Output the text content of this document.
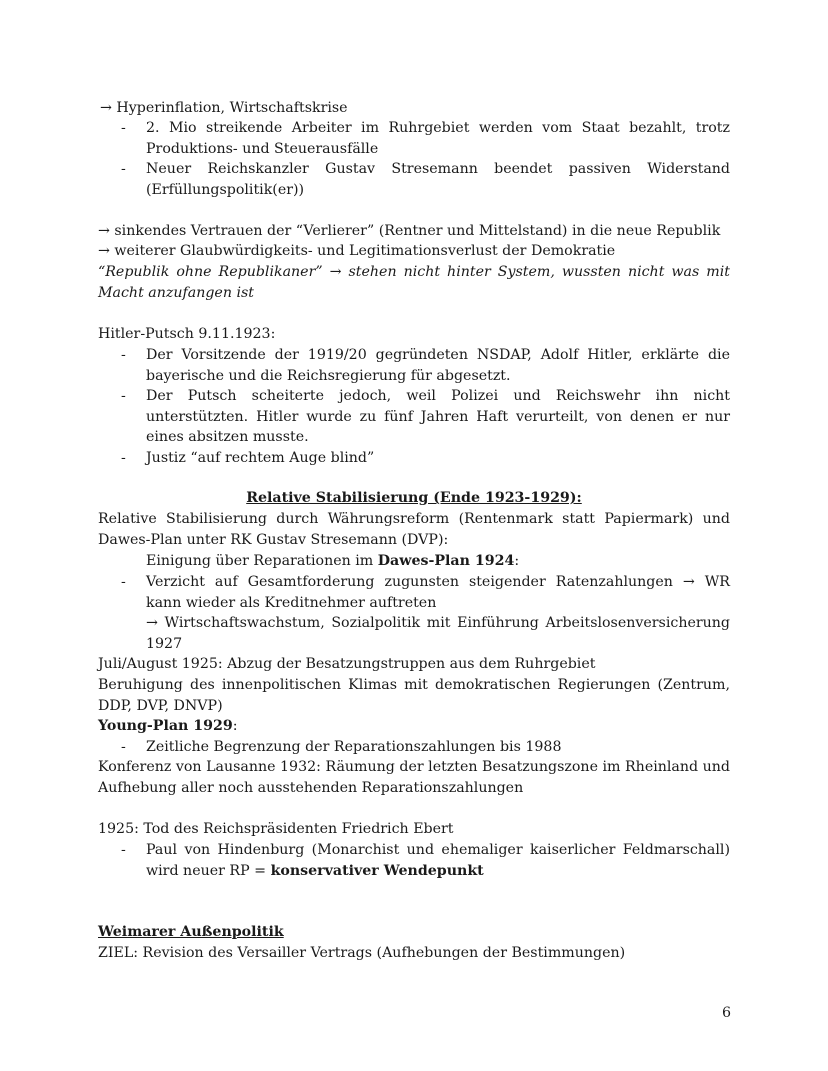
→ Hyperinflation, Wirtschaftskrise
- 2. Mio streikende Arbeiter im Ruhrgebiet werden vom Staat bezahlt, trotz Produktions- und Steuerausfälle
- Neuer Reichskanzler Gustav Stresemann beendet passiven Widerstand (Erfüllungspolitik(er))
→ sinkendes Vertrauen der “Verlierer” (Rentner und Mittelstand) in die neue Republik
→ weiterer Glaubwürdigkeits- und Legitimationsverlust der Demokratie
“Republik ohne Republikaner” → stehen nicht hinter System, wussten nicht was mit Macht anzufangen ist
Hitler-Putsch 9.11.1923:
- Der Vorsitzende der 1919/20 gegründeten NSDAP, Adolf Hitler, erklärte die bayerische und die Reichsregierung für abgesetzt.
- Der Putsch scheiterte jedoch, weil Polizei und Reichswehr ihn nicht unterstützten. Hitler wurde zu fünf Jahren Haft verurteilt, von denen er nur eines absitzen musste.
- Justiz “auf rechtem Auge blind”
Relative Stabilisierung (Ende 1923-1929):
Relative Stabilisierung durch Währungsreform (Rentenmark statt Papiermark) und Dawes-Plan unter RK Gustav Stresemann (DVP):
Einigung über Reparationen im Dawes-Plan 1924:
- Verzicht auf Gesamtforderung zugunsten steigender Ratenzahlungen → WR kann wieder als Kreditnehmer auftreten
→ Wirtschaftswachstum, Sozialpolitik mit Einführung Arbeitslosenversicherung 1927
Juli/August 1925: Abzug der Besatzungstruppen aus dem Ruhrgebiet
Beruhigung des innenpolitischen Klimas mit demokratischen Regierungen (Zentrum, DDP, DVP, DNVP)
Young-Plan 1929:
- Zeitliche Begrenzung der Reparationszahlungen bis 1988
Konferenz von Lausanne 1932: Räumung der letzten Besatzungszone im Rheinland und Aufhebung aller noch ausstehenden Reparationszahlungen
1925: Tod des Reichspräsidenten Friedrich Ebert
- Paul von Hindenburg (Monarchist und ehemaliger kaiserlicher Feldmarschall) wird neuer RP = konservativer Wendepunkt
Weimarer Außenpolitik
ZIEL: Revision des Versailler Vertrags (Aufhebungen der Bestimmungen)
6
